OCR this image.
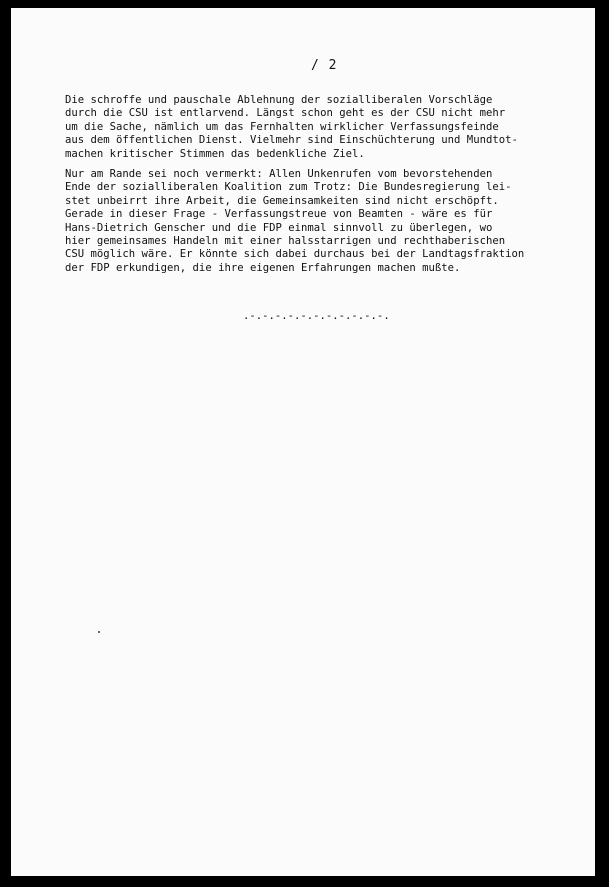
/ 2
Die schroffe und pauschale Ablehnung der sozialliberalen Vorschläge
durch die CSU ist entlarvend. Längst schon geht es der CSU nicht mehr
um die Sache, nämlich um das Fernhalten wirklicher Verfassungsfeinde
aus dem öffentlichen Dienst. Vielmehr sind Einschüchterung und Mundtot-
machen kritischer Stimmen das bedenkliche Ziel.
Nur am Rande sei noch vermerkt: Allen Unkenrufen vom bevorstehenden
Ende der sozialliberalen Koalition zum Trotz: Die Bundesregierung lei-
stet unbeirrt ihre Arbeit, die Gemeinsamkeiten sind nicht erschöpft.
Gerade in dieser Frage - Verfassungstreue von Beamten - wäre es für
Hans-Dietrich Genscher und die FDP einmal sinnvoll zu überlegen, wo
hier gemeinsames Handeln mit einer halsstarrigen und rechthaberischen
CSU möglich wäre. Er könnte sich dabei durchaus bei der Landtagsfraktion
der FDP erkundigen, die ihre eigenen Erfahrungen machen mußte.
.-.-.-.-.-.-.-.-.-.-.-.
